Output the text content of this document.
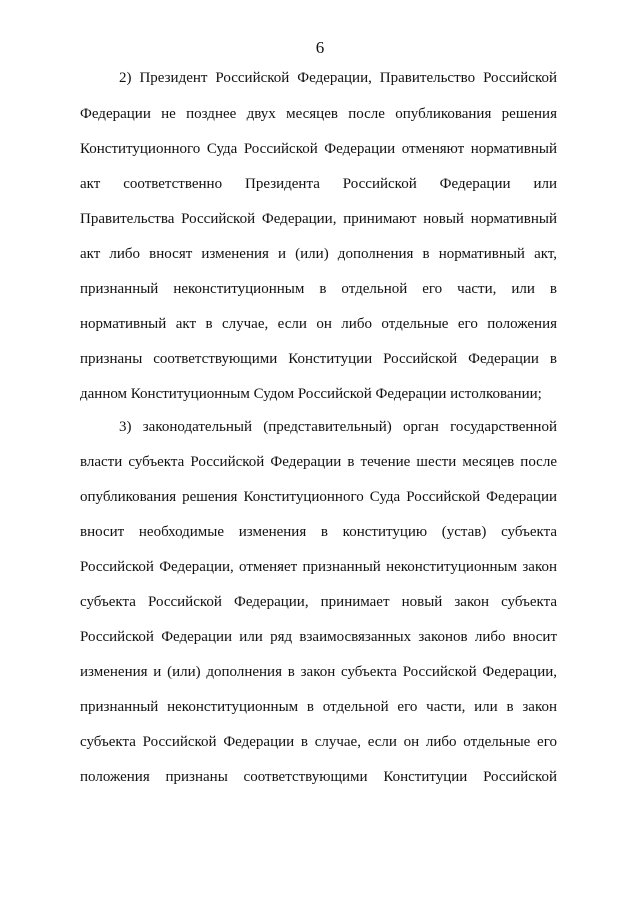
6
2) Президент Российской Федерации, Правительство Российской
Федерации не позднее двух месяцев после опубликования решения
Конституционного Суда Российской Федерации отменяют нормативный
акт соответственно Президента Российской Федерации или
Правительства Российской Федерации, принимают новый нормативный
акт либо вносят изменения и (или) дополнения в нормативный акт,
признанный неконституционным в отдельной его части, или в
нормативный акт в случае, если он либо отдельные его положения
признаны соответствующими Конституции Российской Федерации в
данном Конституционным Судом Российской Федерации истолковании;
3) законодательный (представительный) орган государственной
власти субъекта Российской Федерации в течение шести месяцев после
опубликования решения Конституционного Суда Российской Федерации
вносит необходимые изменения в конституцию (устав) субъекта
Российской Федерации, отменяет признанный неконституционным закон
субъекта Российской Федерации, принимает новый закон субъекта
Российской Федерации или ряд взаимосвязанных законов либо вносит
изменения и (или) дополнения в закон субъекта Российской Федерации,
признанный неконституционным в отдельной его части, или в закон
субъекта Российской Федерации в случае, если он либо отдельные его
положения признаны соответствующими Конституции Российской
